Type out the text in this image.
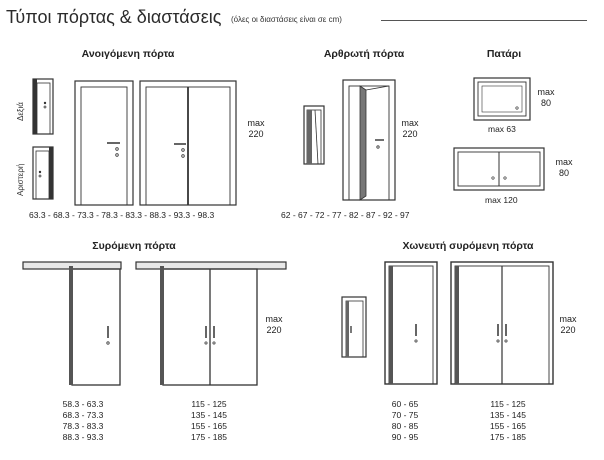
Τύποι πόρτας & διαστάσεις (όλες οι διαστάσεις είναι σε cm)
Ανοιγόμενη πόρτα	Αρθρωτή πόρτα	Πατάρι
Συρόμενη πόρτα	Χωνευτή συρόμενη πόρτα
Δεξιά
Αριστερή
max
220
63.3 - 68.3 - 73.3 - 78.3 - 83.3 - 88.3 - 93.3 - 98.3
max
220
62 - 67 - 72 - 77 - 82 - 87 - 92 - 97
max
80
max 63
max
80
max 120
max
220
58.3 - 63.3
68.3 - 73.3
78.3 - 83.3
88.3 - 93.3
115 - 125
135 - 145
155 - 165
175 - 185
max
220
60 - 65
70 - 75
80 - 85
90 - 95
115 - 125
135 - 145
155 - 165
175 - 185
